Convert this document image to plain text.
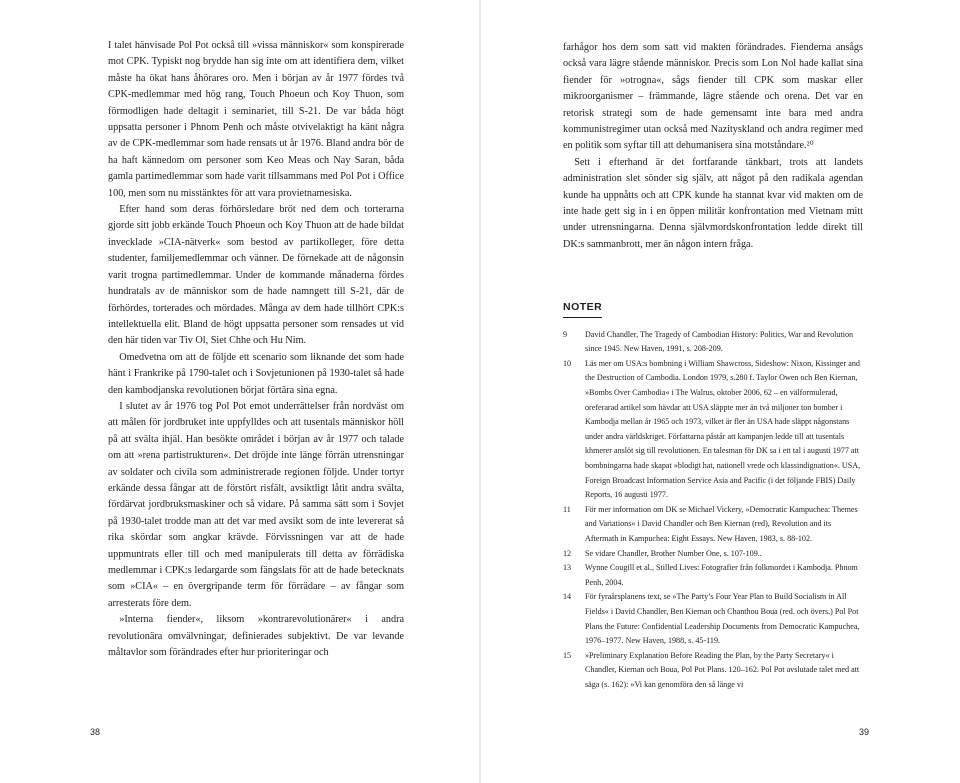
I talet hänvisade Pol Pot också till »vissa människor« som konspirerade mot CPK. Typiskt nog brydde han sig inte om att identifiera dem, vilket måste ha ökat hans åhörares oro. Men i början av år 1977 fördes två CPK-medlemmar med hög rang, Touch Phoeun och Koy Thuon, som förmodligen hade deltagit i seminariet, till S-21. De var båda högt uppsatta personer i Phnom Penh och måste otvivelaktigt ha känt några av de CPK-medlemmar som hade rensats ut år 1976. Bland andra bör de ha haft kännedom om personer som Keo Meas och Nay Saran, båda gamla partimedlemmar som hade varit tillsammans med Pol Pot i Office 100, men som nu misstänktes för att vara provietnamesiska.

Efter hand som deras förhörsledare bröt ned dem och torterarna gjorde sitt jobb erkände Touch Phoeun och Koy Thuon att de hade bildat invecklade »CIA-nätverk« som bestod av partikolleger, före detta studenter, familjemedlemmar och vänner. De förnekade att de någonsin varit trogna partimedlemmar. Under de kommande månaderna fördes hundratals av de människor som de hade namngett till S-21, där de förhördes, torterades och mördades. Många av dem hade tillhört CPK:s intellektuella elit. Bland de högt uppsatta personer som rensades ut vid den här tiden var Tiv Ol, Siet Chhe och Hu Nim.

Omedvetna om att de följde ett scenario som liknande det som hade hänt i Frankrike på 1790-talet och i Sovjetunionen på 1930-talet så hade den kambodjanska revolutionen börjat förtära sina egna.

I slutet av år 1976 tog Pol Pot emot underrättelser från nordväst om att målen för jordbruket inte uppfylldes och att tusentals människor höll på att svälta ihjäl. Han besökte området i början av år 1977 och talade om att »rena partistrukturen«. Det dröjde inte länge förrän utrensningar av soldater och civila som administrerade regionen följde. Under tortyr erkände dessa fångar att de förstört risfält, avsiktligt låtit andra svälta, fördärvat jordbruksmaskiner och så vidare. På samma sätt som i Sovjet på 1930-talet trodde man att det var med avsikt som de inte levererat så rika skördar som angkar krävde. Förvissningen var att de hade uppmuntrats eller till och med manipulerats till detta av förrädiska medlemmar i CPK:s ledargarde som fängslats för att de hade betecknats som »CIA« – en övergripande term för förrädare – av fångar som arresterats före dem.

»Interna fiender«, liksom »kontrarevolutionärer« i andra revolutionära omvälvningar, definierades subjektivt. De var levande måltavlor som förändrades efter hur prioriteringar och

38

farhågor hos dem som satt vid makten förändrades. Fienderna ansågs också vara lägre stående människor. Precis som Lon Nol hade kallat sina fiender för »otrogna«, sågs fiender till CPK som maskar eller mikroorganismer – främmande, lägre stående och orena. Det var en retorisk strategi som de hade gemensamt inte bara med andra kommunistregimer utan också med Nazityskland och andra regimer med en politik som syftar till att dehumanisera sina motståndare.²⁰

Sett i efterhand är det fortfarande tänkbart, trots att landets administration slet sönder sig själv, att något på den radikala agendan kunde ha uppnåtts och att CPK kunde ha stannat kvar vid makten om de inte hade gett sig in i en öppen militär konfrontation med Vietnam mitt under utrensningarna. Denna självmordskonfrontation ledde direkt till DK:s sammanbrott, mer än någon intern fråga.

NOTER
9	David Chandler, The Tragedy of Cambodian History: Politics, War and Revolution since 1945. New Haven, 1991, s. 208-209.
10	Läs mer om USA:s bombning i William Shawcross, Sideshow: Nixon, Kissinger and the Destruction of Cambodia. London 1979, s.280 f. Taylor Owen och Ben Kiernan, »Bombs Over Cambodia« i The Walrus, oktober 2006, 62 – en välformulerad, oreferarad artikel som hävdar att USA släppte mer än två miljoner ton bomber i Kambodja mellan år 1965 och 1973, vilket är fler än USA hade släppt någonstans under andra världskriget. Författarna påstår att kampanjen ledde till att tusentals khmerer anslöt sig till revolutionen. En talesman för DK sa i ett tal i augusti 1977 att bombningarna hade skapat »blodigt hat, nationell vrede och klassindignation«. USA, Foreign Broadcast Information Service Asia and Pacific (i det följande FBIS) Daily Reports, 16 augusti 1977.
11	För mer information om DK se Michael Vickery, »Democratic Kampuchea: Themes and Variations« i David Chandler och Ben Kiernan (red), Revolution and its Aftermath in Kampuchea: Eight Essays. New Haven, 1983, s. 88-102.
12	Se vidare Chandler, Brother Number One, s. 107-109..
13	Wynne Cougill et al., Stilled Lives: Fotografier från folkmordet i Kambodja. Phnom Penh, 2004.
14	För fyraårsplanens text, se »The Party’s Four Year Plan to Build Socialism in All Fields« i David Chandler, Ben Kiernan och Chanthou Boua (red. och övers.) Pol Pot Plans the Future: Confidential Leadership Documents from Democratic Kampuchea, 1976–1977. New Haven, 1988, s. 45-119.
15	»Preliminary Explanation Before Reading the Plan, by the Party Secretary« i Chandler, Kiernan och Boua, Pol Pot Plans. 120–162. Pol Pot avslutade talet med att säga (s. 162): »Vi kan genomföra den så länge vi
39
